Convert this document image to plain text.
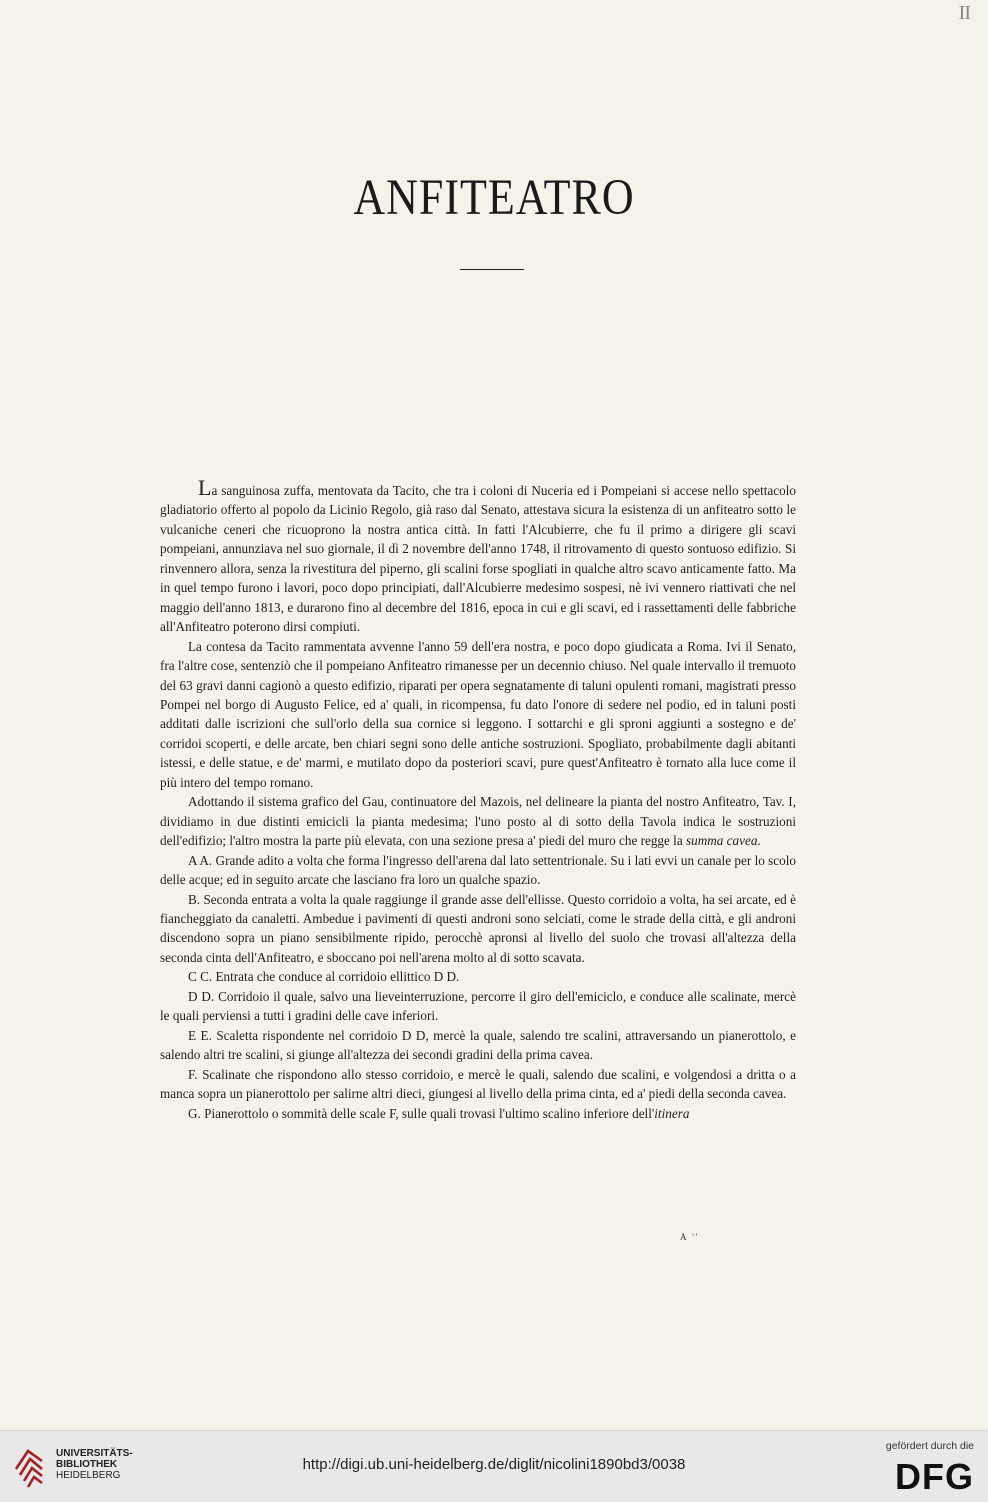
II
ANFITEATRO

La sanguinosa zuffa, mentovata da Tacito, che tra i coloni di Nuceria ed i Pompeiani si accese nello spettacolo gladiatorio offerto al popolo da Licinio Regolo, già raso dal Senato, attestava sicura la esistenza di un anfiteatro sotto le vulcaniche ceneri che ricuoprono la nostra antica città. In fatti l'Alcubierre, che fu il primo a dirigere gli scavi pompeiani, annunziava nel suo giornale, il dì 2 novembre dell'anno 1748, il ritrovamento di questo sontuoso edifizio. Si rinvennero allora, senza la rivestitura del piperno, gli scalini forse spogliati in qualche altro scavo anticamente fatto. Ma in quel tempo furono i lavori, poco dopo principiati, dall'Alcubierre medesimo sospesi, nè ivi vennero riattivati che nel maggio dell'anno 1813, e durarono fino al decembre del 1816, epoca in cui e gli scavi, ed i rassettamenti delle fabbriche all'Anfiteatro poterono dirsi compiuti.

La contesa da Tacito rammentata avvenne l'anno 59 dell'era nostra, e poco dopo giudicata a Roma. Ivi il Senato, fra l'altre cose, sentenziò che il pompeiano Anfiteatro rimanesse per un decennio chiuso. Nel quale intervallo il tremuoto del 63 gravi danni cagionò a questo edifizio, riparati per opera segnatamente di taluni opulenti romani, magistrati presso Pompei nel borgo di Augusto Felice, ed a' quali, in ricompensa, fu dato l'onore di sedere nel podio, ed in taluni posti additati dalle iscrizioni che sull'orlo della sua cornice si leggono. I sottarchi e gli sproni aggiunti a sostegno e de' corridoi scoperti, e delle arcate, ben chiari segni sono delle antiche sostruzioni. Spogliato, probabilmente dagli abitanti istessi, e delle statue, e de' marmi, e mutilato dopo da posteriori scavi, pure quest'Anfiteatro è tornato alla luce come il più intero del tempo romano.

Adottando il sistema grafico del Gau, continuatore del Mazois, nel delineare la pianta del nostro Anfiteatro, Tav. I, dividiamo in due distinti emicicli la pianta medesima; l'uno posto al di sotto della Tavola indica le sostruzioni dell'edifizio; l'altro mostra la parte più elevata, con una sezione presa a' piedi del muro che regge la summa cavea.

A A. Grande adito a volta che forma l'ingresso dell'arena dal lato settentrionale. Su i lati evvi un canale per lo scolo delle acque; ed in seguito arcate che lasciano fra loro un qualche spazio.

B. Seconda entrata a volta la quale raggiunge il grande asse dell'ellisse. Questo corridoio a volta, ha sei arcate, ed è fiancheggiato da canaletti. Ambedue i pavimenti di questi androni sono selciati, come le strade della città, e gli androni discendono sopra un piano sensibilmente ripido, perocchè apronsi al livello del suolo che trovasi all'altezza della seconda cinta dell'Anfiteatro, e sboccano poi nell'arena molto al di sotto scavata.

C C. Entrata che conduce al corridoio ellittico D D.

D D. Corridoio il quale, salvo una lieveinterruzione, percorre il giro dell'emiciclo, e conduce alle scalinate, mercè le quali perviensi a tutti i gradini delle cave inferiori.

E E. Scaletta rispondente nel corridoio D D, mercè la quale, salendo tre scalini, attraversando un pianerottolo, e salendo altri tre scalini, si giunge all'altezza dei secondi gradini della prima cavea.

F. Scalinate che rispondono allo stesso corridoio, e mercè le quali, salendo due scalini, e volgendosi a dritta o a manca sopra un pianerottolo per salirne altri dieci, giungesi al livello della prima cinta, ed a' piedi della seconda cavea.

G. Pianerottolo o sommità delle scale F, sulle quali trovasi l'ultimo scalino inferiore dell'itinera

A ''
UNIVERSITÄTS-
BIBLIOTHEK
HEIDELBERG
http://digi.ub.uni-heidelberg.de/diglit/nicolini1890bd3/0038
gefördert durch die
DFG
